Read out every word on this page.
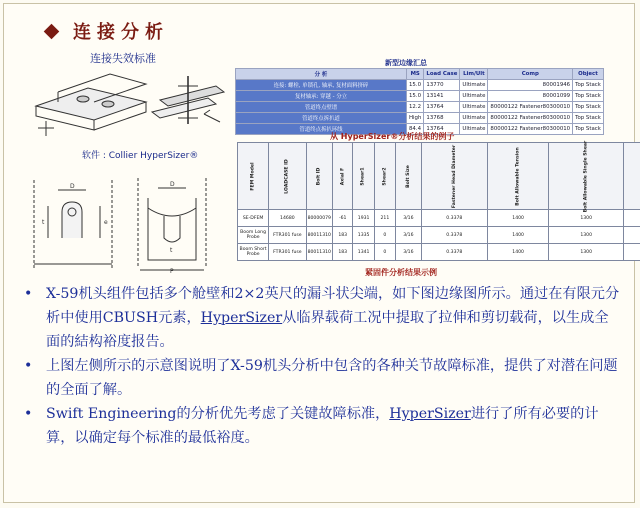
连接分析
连接失效标准
软件 : Collier HyperSizer®
t
D
e
D
t
P
新型边缘汇总
分 析	MS	Load Case	Lim/Ult	Comp	Object
连接: 螺栓, 单锁孔, 轴承, 复材面料挤碎	15.0	13770	Ultimate	80001946	Top Stack
复材轴承: 穿越 - 分立	15.0	13141	Ultimate	80001099	Top Stack
管道终点壁谱	12.2	13764	Ultimate	80000122 Fastener80300010	Top Stack
管道终点拆扒道	High	13768	Ultimate	80000122 Fastener80300010	Top Stack
管道终点拆扒环线	84.4	13764	Ultimate	80000122 Fastener80300010	Top Stack
从 HyperSizer®分析结果的例子
FEM Model	LOADCASE ID	Bolt ID	Axial F	Shear1	Shear2	Bolt Size	Fastener Head Diameter	Bolt Allowable Tension	Bolt Allowable Single Shear						
SE-DFEM	14680	80000079	-61	1931	211	3/16	0.3378	1400	1300						
Boom Long Probe	FTR301 fuse	80011310	183	1335	0	3/16	0.3378	1400	1300						
Boom Short Probe	FTR301 fuse	80011310	183	1341	0	3/16	0.3378	1400	1300						
紧固件分析结果示例
• X-59机头组件包括多个舱壁和2×2英尺的漏斗状尖端，如下图边缘图所示。通过在有限元分析中使用CBUSH元素，HyperSizer从临界载荷工况中提取了拉伸和剪切载荷，以生成全面的結构裕度报告。
• 上图左侧所示的示意图说明了X-59机头分析中包含的各种关节故障标准，提供了对潜在问题的全面了解。
• Swift Engineering的分析优先考虑了关键故障标准，HyperSizer进行了所有必要的计算，以确定每个标准的最低裕度。
